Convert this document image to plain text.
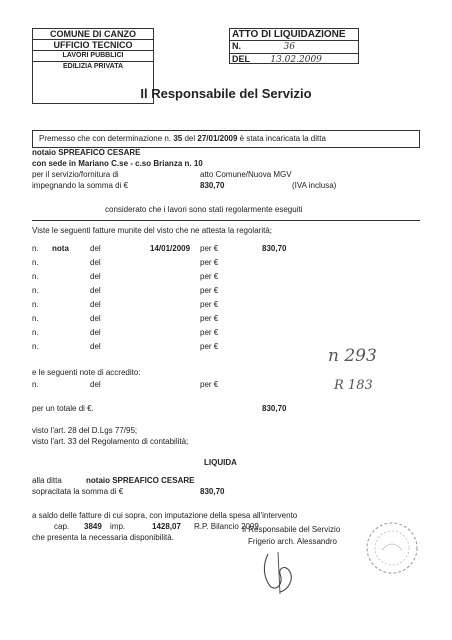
COMUNE DI CANZO
UFFICIO TECNICO
LAVORI PUBBLICI
EDILIZIA PRIVATA
ATTO DI LIQUIDAZIONE
N.	36
DEL 13.02.2009
Il Responsabile del Servizio
Premesso che con determinazione n. 35 del 27/01/2009 è stata incaricata la ditta
notaio SPREAFICO CESARE
con sede in Mariano C.se - c.so Brianza n. 10
per il servizio/fornitura di	atto Comune/Nuova MGV
impegnando la somma di €	830,70	(IVA inclusa)
considerato che i lavori sono stati regolarmente eseguiti
Viste le seguenti fatture munite del visto che ne attesta la regolarità;
n. nota	del	14/01/2009 per €	830,70
n.	del	per €
n.	del	per €
n.	del	per €
n.	del	per €
n.	del	per €
n.	del	per €
n.	del	per €
e le seguenti note di accredito:
n.	del	per €
n 293
R 183
per un totale di €.	830,70
visto l'art. 28 del D.Lgs 77/95;
visto l'art. 33 del Regolamento di contabilità;
LIQUIDA
alla ditta	notaio SPREAFICO CESARE
sopracitata la somma di €	830,70
a saldo delle fatture di cui sopra, con imputazione della spesa all'intervento
cap. 3849 imp.	1428,07 R.P. Bilancio 2009
che presenta la necessaria disponibilità.
Il Responsabile del Servizio
Frigerio arch. Alessandro
